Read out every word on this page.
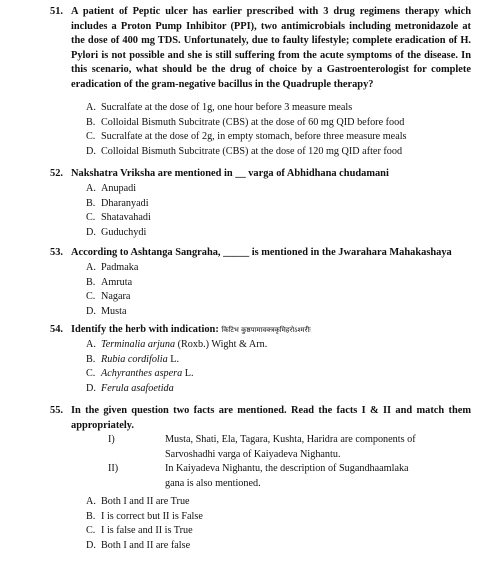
51. A patient of Peptic ulcer has earlier prescribed with 3 drug regimens therapy which includes a Proton Pump Inhibitor (PPI), two antimicrobials including metronidazole at the dose of 400 mg TDS. Unfortunately, due to faulty lifestyle; complete eradication of H. Pylori is not possible and she is still suffering from the acute symptoms of the disease. In this scenario, what should be the drug of choice by a Gastroenterologist for complete eradication of the gram-negative bacillus in the Quadruple therapy?
A. Sucralfate at the dose of 1g, one hour before 3 measure meals
B. Colloidal Bismuth Subcitrate (CBS) at the dose of 60 mg QID before food
C. Sucralfate at the dose of 2g, in empty stomach, before three measure meals
D. Colloidal Bismuth Subcitrate (CBS) at the dose of 120 mg QID after food
52. Nakshatra Vriksha are mentioned in __ varga of Abhidhana chudamani
A. Anupadi
B. Dharanyadi
C. Shatavahadi
D. Guduchydi
53. According to Ashtanga Sangraha, _____ is mentioned in the Jwarahara Mahakashaya
A. Padmaka
B. Amruta
C. Nagara
D. Musta
54. Identify the herb with indication: किटिभ कुष्ठपामावक्त्रकृमिहरोऽश्मरीः
A. Terminalia arjuna (Roxb.) Wight & Arn.
B. Rubia cordifolia L.
C. Achyranthes aspera L.
D. Ferula asafoetida
55. In the given question two facts are mentioned. Read the facts I & II and match them appropriately.
I)	Musta, Shati, Ela, Tagara, Kushta, Haridra are components of Sarvoshadhi varga of Kaiyadeva Nighantu.
II)	In Kaiyadeva Nighantu, the description of Sugandhaamlaka gana is also mentioned.
A. Both I and II are True
B. I is correct but II is False
C. I is false and II is True
D. Both I and II are false
